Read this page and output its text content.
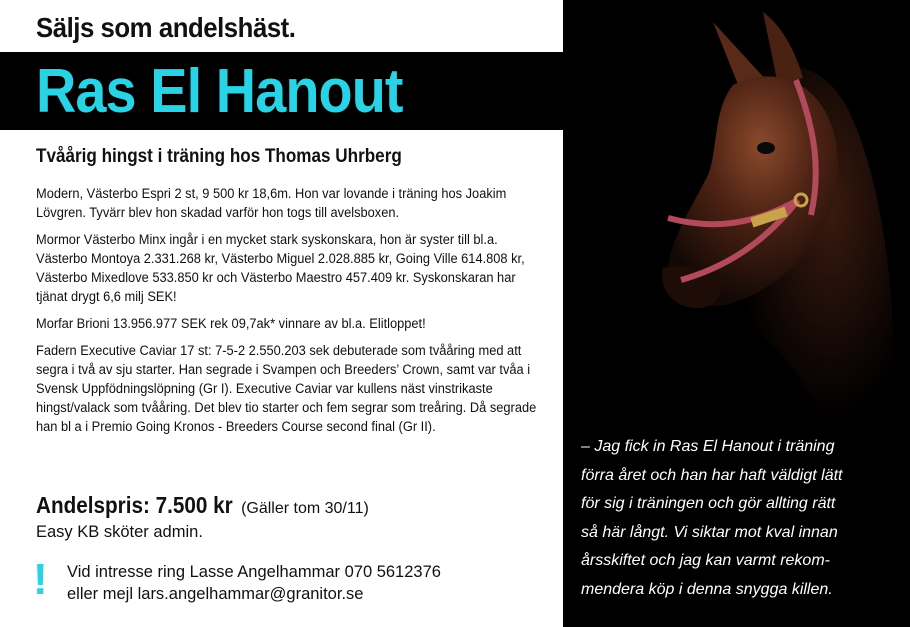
Säljs som andelshäst.
Ras El Hanout
Tvåårig hingst i träning hos Thomas Uhrberg

Modern, Västerbo Espri 2 st, 9 500 kr 18,6m. Hon var lovande i träning hos Joakim Lövgren. Tyvärr blev hon skadad varför hon togs till avelsboxen.

Mormor Västerbo Minx ingår i en mycket stark syskonskara, hon är syster till bl.a. Västerbo Montoya 2.331.268 kr, Västerbo Miguel 2.028.885 kr, Going Ville 614.808 kr, Västerbo Mixedlove 533.850 kr och Västerbo Maestro 457.409 kr. Syskonskaran har tjänat drygt 6,6 milj SEK!

Morfar Brioni 13.956.977 SEK rek 09,7ak* vinnare av bl.a. Elitloppet!

Fadern Executive Caviar 17 st: 7-5-2 2.550.203 sek debuterade som tvååring med att segra i två av sju starter. Han segrade i Svampen och Breeders’ Crown, samt var tvåa i Svensk Uppfödningslöpning (Gr I). Executive Caviar var kullens näst vinstrikaste hingst/valack som tvååring. Det blev tio starter och fem segrar som treåring. Då segrade han bl a i Premio Going Kronos - Breeders Course second final (Gr II).

Andelspris: 7.500 kr (Gäller tom 30/11)
Easy KB sköter admin.
! Vid intresse ring Lasse Angelhammar 070 5612376
eller mejl lars.angelhammar@granitor.se

– Jag fick in Ras El Hanout i träning

förra året och han har haft väldigt lätt

för sig i träningen och gör allting rätt

så här långt. Vi siktar mot kval innan

årsskiftet och jag kan varmt rekom-

mendera köp i denna snygga killen.
